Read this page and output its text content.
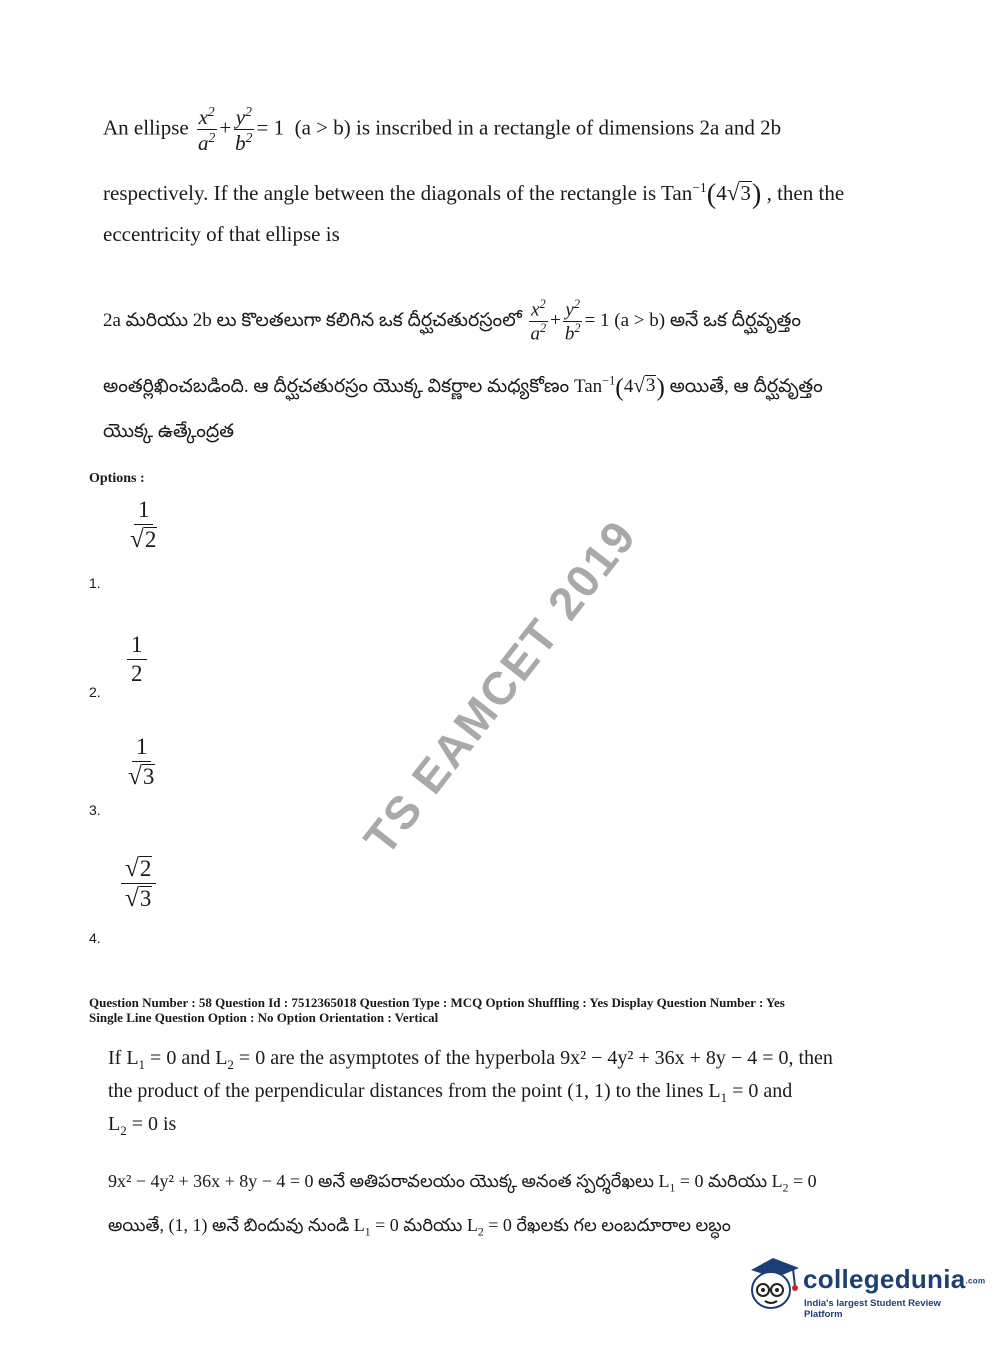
An ellipse $\frac{x^2}{a^2} + \frac{y^2}{b^2} = 1$ (a > b) is inscribed in a rectangle of dimensions 2a and 2b
respectively. If the angle between the diagonals of the rectangle is Tan$^{-1}$(4 √ 3 ) , then the
eccentricity of that ellipse is
2a మరియు 2b లు కొలతలుగా కలిగిన ఒక దీర్ఘచతురస్రంలో $\frac{x^2}{a^2} + \frac{y^2}{b^2} = 1$ (a > b) అనే ఒక దీర్ఘవృత్తం
అంతర్లిఖించబడింది. ఆ దీర్ఘచతురస్రం యొక్క వికర్ణాల మధ్యకోణం Tan$^{-1}$(4 √ 3 ) అయితే, ఆ దీర్ఘవృత్తం
యొక్క ఉత్కేంద్రత
Options :
$\frac{1}{√ 2}$
1.
$\frac{1}{2}$
2.
$\frac{1}{√ 3}$
3.
$\frac{√ 2}{√ 3}$
4.
TS EAMCET 2019
Question Number : 58 Question Id : 7512365018 Question Type : MCQ Option Shuffling : Yes Display Question Number : Yes
Single Line Question Option : No Option Orientation : Vertical
If $L_1 = 0$ and $L_2 = 0$ are the asymptotes of the hyperbola 9x² − 4y² + 36x + 8y − 4 = 0, then
the product of the perpendicular distances from the point (1, 1) to the lines $L_1 = 0$ and
$L_2 = 0$ is
9x² − 4y² + 36x + 8y − 4 = 0 అనే అతిపరావలయం యొక్క అనంత స్పర్శరేఖలు $L_1 = 0$ మరియు $L_2 = 0$
అయితే, (1, 1) అనే బిందువు నుండి $L_1 = 0$ మరియు $L_2 = 0$ రేఖలకు గల లంబదూరాల లబ్ధం
collegedunia.com
India's largest Student Review Platform
